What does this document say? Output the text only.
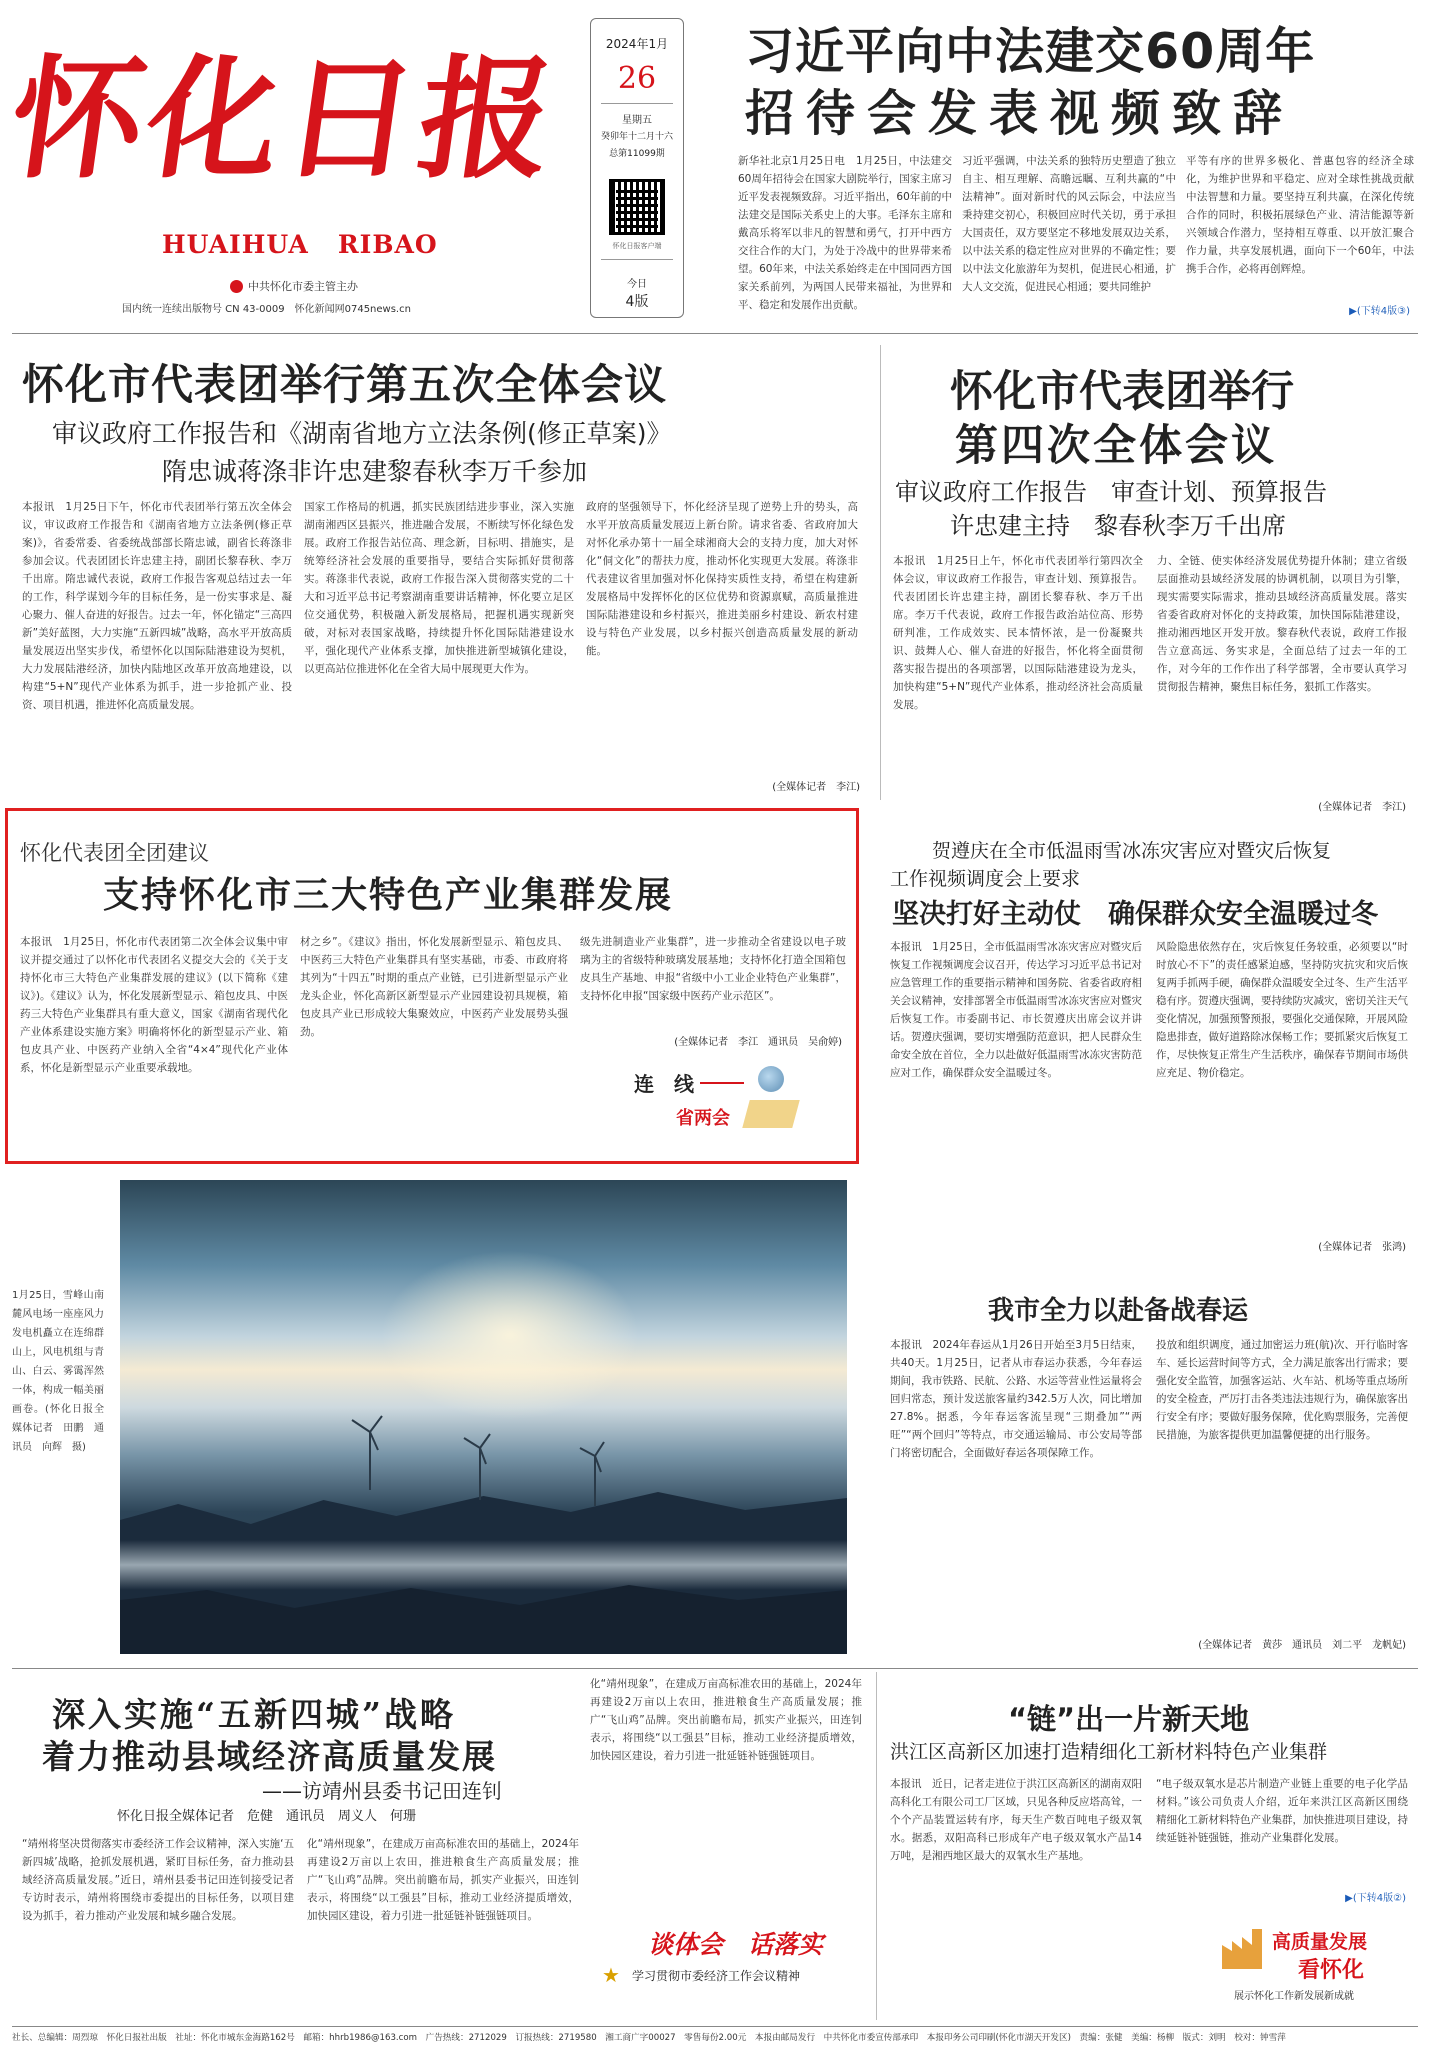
怀化日报
HUAIHUA   RIBAO
中共怀化市委主管主办
国内统一连续出版物号 CN 43-0009　怀化新闻网0745news.cn
2024年1月
26
星期五
癸卯年十二月十六
总第11099期
怀化日报客户端
今日
4版
习近平向中法建交60周年
招待会发表视频致辞
新华社北京1月25日电　1月25日，中法建交60周年招待会在国家大剧院举行，国家主席习近平发表视频致辞。习近平指出，60年前的中法建交是国际关系史上的大事。毛泽东主席和戴高乐将军以非凡的智慧和勇气，打开中西方交往合作的大门，为处于冷战中的世界带来希望。60年来，中法关系始终走在中国同西方国家关系前列，为两国人民带来福祉，为世界和平、稳定和发展作出贡献。
习近平强调，中法关系的独特历史塑造了独立自主、相互理解、高瞻远瞩、互利共赢的“中法精神”。面对新时代的风云际会，中法应当秉持建交初心，积极回应时代关切，勇于承担大国责任，双方要坚定不移地发展双边关系，以中法关系的稳定性应对世界的不确定性；要以中法文化旅游年为契机，促进民心相通，扩大人文交流，促进民心相通；要共同维护
平等有序的世界多极化、普惠包容的经济全球化，为维护世界和平稳定、应对全球性挑战贡献中法智慧和力量。要坚持互利共赢，在深化传统合作的同时，积极拓展绿色产业、清洁能源等新兴领域合作潜力，坚持相互尊重、以开放汇聚合作力量，共享发展机遇，面向下一个60年，中法携手合作，必将再创辉煌。
▶(下转4版③)
怀化市代表团举行第五次全体会议
审议政府工作报告和《湖南省地方立法条例(修正草案)》
隋忠诚蒋涤非许忠建黎春秋李万千参加
本报讯　1月25日下午，怀化市代表团举行第五次全体会议，审议政府工作报告和《湖南省地方立法条例(修正草案)》，省委常委、省委统战部部长隋忠诚，副省长蒋涤非参加会议。代表团团长许忠建主持，副团长黎春秋、李万千出席。隋忠诚代表说，政府工作报告客观总结过去一年的工作，科学谋划今年的目标任务，是一份实事求是、凝心聚力、催人奋进的好报告。过去一年，怀化锚定“三高四新”美好蓝图，大力实施“五新四城”战略，高水平开放高质量发展迈出坚实步伐，希望怀化以国际陆港建设为契机，大力发展陆港经济，加快内陆地区改革开放高地建设，以构建“5+N”现代产业体系为抓手，进一步抢抓产业、投资、项目机遇，推进怀化高质量发展。
国家工作格局的机遇，抓实民族团结进步事业，深入实施湖南湘西区县振兴，推进融合发展，不断续写怀化绿色发展。政府工作报告站位高、理念新，目标明、措施实，是统筹经济社会发展的重要指导，要结合实际抓好贯彻落实。蒋涤非代表说，政府工作报告深入贯彻落实党的二十大和习近平总书记考察湖南重要讲话精神，怀化要立足区位交通优势，积极融入新发展格局，把握机遇实现新突破，对标对表国家战略，持续提升怀化国际陆港建设水平，强化现代产业体系支撑，加快推进新型城镇化建设，以更高站位推进怀化在全省大局中展现更大作为。
政府的坚强领导下，怀化经济呈现了逆势上升的势头，高水平开放高质量发展迈上新台阶。请求省委、省政府加大对怀化承办第十一届全球湘商大会的支持力度，加大对怀化“侗文化”的帮扶力度，推动怀化实现更大发展。蒋涤非代表建议省里加强对怀化保持实质性支持，希望在构建新发展格局中发挥怀化的区位优势和资源禀赋，高质量推进国际陆港建设和乡村振兴，推进美丽乡村建设、新农村建设与特色产业发展，以乡村振兴创造高质量发展的新动能。
(全媒体记者　李江)
怀化市代表团举行
第四次全体会议
审议政府工作报告　审查计划、预算报告
许忠建主持　黎春秋李万千出席
本报讯　1月25日上午，怀化市代表团举行第四次全体会议，审议政府工作报告，审查计划、预算报告。代表团团长许忠建主持，副团长黎春秋、李万千出席。李万千代表说，政府工作报告政治站位高、形势研判准，工作成效实、民本情怀浓，是一份凝聚共识、鼓舞人心、催人奋进的好报告，怀化将全面贯彻落实报告提出的各项部署，以国际陆港建设为龙头，加快构建“5+N”现代产业体系，推动经济社会高质量发展。
力、全链、使实体经济发展优势提升体制；建立省级层面推动县域经济发展的协调机制，以项目为引擎，现实需要实际需求，推动县域经济高质量发展。落实省委省政府对怀化的支持政策，加快国际陆港建设，推动湘西地区开发开放。黎春秋代表说，政府工作报告立意高远、务实求是，全面总结了过去一年的工作，对今年的工作作出了科学部署，全市要认真学习贯彻报告精神，聚焦目标任务，狠抓工作落实。
(全媒体记者　李江)
怀化代表团全团建议
支持怀化市三大特色产业集群发展
本报讯　1月25日，怀化市代表团第二次全体会议集中审议并提交通过了以怀化市代表团名义提交大会的《关于支持怀化市三大特色产业集群发展的建议》(以下简称《建议》)。《建议》认为，怀化发展新型显示、箱包皮具、中医药三大特色产业集群具有重大意义，国家《湖南省现代化产业体系建设实施方案》明确将怀化的新型显示产业、箱包皮具产业、中医药产业纳入全省“4×4”现代化产业体系，怀化是新型显示产业重要承载地。
材之乡”。《建议》指出，怀化发展新型显示、箱包皮具、中医药三大特色产业集群具有坚实基础，市委、市政府将其列为“十四五”时期的重点产业链，已引进新型显示产业龙头企业，怀化高新区新型显示产业园建设初具规模，箱包皮具产业已形成较大集聚效应，中医药产业发展势头强劲。
级先进制造业产业集群”，进一步推动全省建设以电子玻璃为主的省级特种玻璃发展基地；支持怀化打造全国箱包皮具生产基地、申报“省级中小工业企业特色产业集群”，支持怀化申报“国家级中医药产业示范区”。
(全媒体记者　李江　通讯员　吴俞婷)
连　线
省两会
贺遵庆在全市低温雨雪冰冻灾害应对暨灾后恢复
工作视频调度会上要求
坚决打好主动仗　确保群众安全温暖过冬
本报讯　1月25日，全市低温雨雪冰冻灾害应对暨灾后恢复工作视频调度会议召开，传达学习习近平总书记对应急管理工作的重要指示精神和国务院、省委省政府相关会议精神，安排部署全市低温雨雪冰冻灾害应对暨灾后恢复工作。市委副书记、市长贺遵庆出席会议并讲话。贺遵庆强调，要切实增强防范意识，把人民群众生命安全放在首位，全力以赴做好低温雨雪冰冻灾害防范应对工作，确保群众安全温暖过冬。
风险隐患依然存在，灾后恢复任务较重，必须要以“时时放心不下”的责任感紧迫感，坚持防灾抗灾和灾后恢复两手抓两手硬，确保群众温暖安全过冬、生产生活平稳有序。贺遵庆强调，要持续防灾减灾，密切关注天气变化情况，加强预警预报，要强化交通保障，开展风险隐患排查，做好道路除冰保畅工作；要抓紧灾后恢复工作，尽快恢复正常生产生活秩序，确保春节期间市场供应充足、物价稳定。
(全媒体记者　张鸿)
1月25日，雪峰山南麓风电场一座座风力发电机矗立在连绵群山上，风电机组与青山、白云、雾霭浑然一体，构成一幅美丽画卷。(怀化日报全媒体记者　田鹏　通讯员　向辉　摄)
我市全力以赴备战春运
本报讯　2024年春运从1月26日开始至3月5日结束，共40天。1月25日，记者从市春运办获悉，今年春运期间，我市铁路、民航、公路、水运等营业性运量将会回归常态，预计发送旅客量约342.5万人次，同比增加27.8%。据悉，今年春运客流呈现“三期叠加”“两旺”“两个回归”等特点，市交通运输局、市公安局等部门将密切配合，全面做好春运各项保障工作。
投放和组织调度，通过加密运力班(航)次、开行临时客车、延长运营时间等方式，全力满足旅客出行需求；要强化安全监管，加强客运站、火车站、机场等重点场所的安全检查，严厉打击各类违法违规行为，确保旅客出行安全有序；要做好服务保障，优化购票服务，完善便民措施，为旅客提供更加温馨便捷的出行服务。
(全媒体记者　黄莎　通讯员　刘二平　龙帆妃)
深入实施“五新四城”战略
着力推动县域经济高质量发展
——访靖州县委书记田连钊
怀化日报全媒体记者　危健　通讯员　周义人　何珊
“靖州将坚决贯彻落实市委经济工作会议精神，深入实施‘五新四城’战略，抢抓发展机遇，紧盯目标任务，奋力推动县域经济高质量发展。”近日，靖州县委书记田连钊接受记者专访时表示，靖州将围绕市委提出的目标任务，以项目建设为抓手，着力推动产业发展和城乡融合发展。
化“靖州现象”，在建成万亩高标准农田的基础上，2024年再建设2万亩以上农田，推进粮食生产高质量发展；推广“飞山鸡”品牌。突出前瞻布局，抓实产业振兴，田连钊表示，将围绕“以工强县”目标，推动工业经济提质增效，加快园区建设，着力引进一批延链补链强链项目。
化“靖州现象”，在建成万亩高标准农田的基础上，2024年再建设2万亩以上农田，推进粮食生产高质量发展；推广“飞山鸡”品牌。突出前瞻布局，抓实产业振兴，田连钊表示，将围绕“以工强县”目标，推动工业经济提质增效，加快园区建设，着力引进一批延链补链强链项目。
★
谈体会　话落实
学习贯彻市委经济工作会议精神
“链”出一片新天地
洪江区高新区加速打造精细化工新材料特色产业集群
本报讯　近日，记者走进位于洪江区高新区的湖南双阳高科化工有限公司工厂区域，只见各种反应塔高耸，一个个产品装置运转有序，每天生产数百吨电子级双氧水。据悉，双阳高科已形成年产电子级双氧水产品14万吨，是湘西地区最大的双氧水生产基地。
“电子级双氧水是芯片制造产业链上重要的电子化学品材料。”该公司负责人介绍，近年来洪江区高新区围绕精细化工新材料特色产业集群，加快推进项目建设，持续延链补链强链，推动产业集群化发展。
▶(下转4版②)
高质量发展
看怀化
展示怀化工作新发展新成就
社长、总编辑：周烈琼　怀化日报社出版　社址：怀化市城东金海路162号　邮箱：hhrb1986@163.com　广告热线：2712029　订报热线：2719580　湘工商广字00027　零售每份2.00元　本报由邮局发行　中共怀化市委宣传部承印　本报印务公司印刷(怀化市湖天开发区)　责编：张健　美编：杨柳　版式：刘明　校对：钟雪萍
